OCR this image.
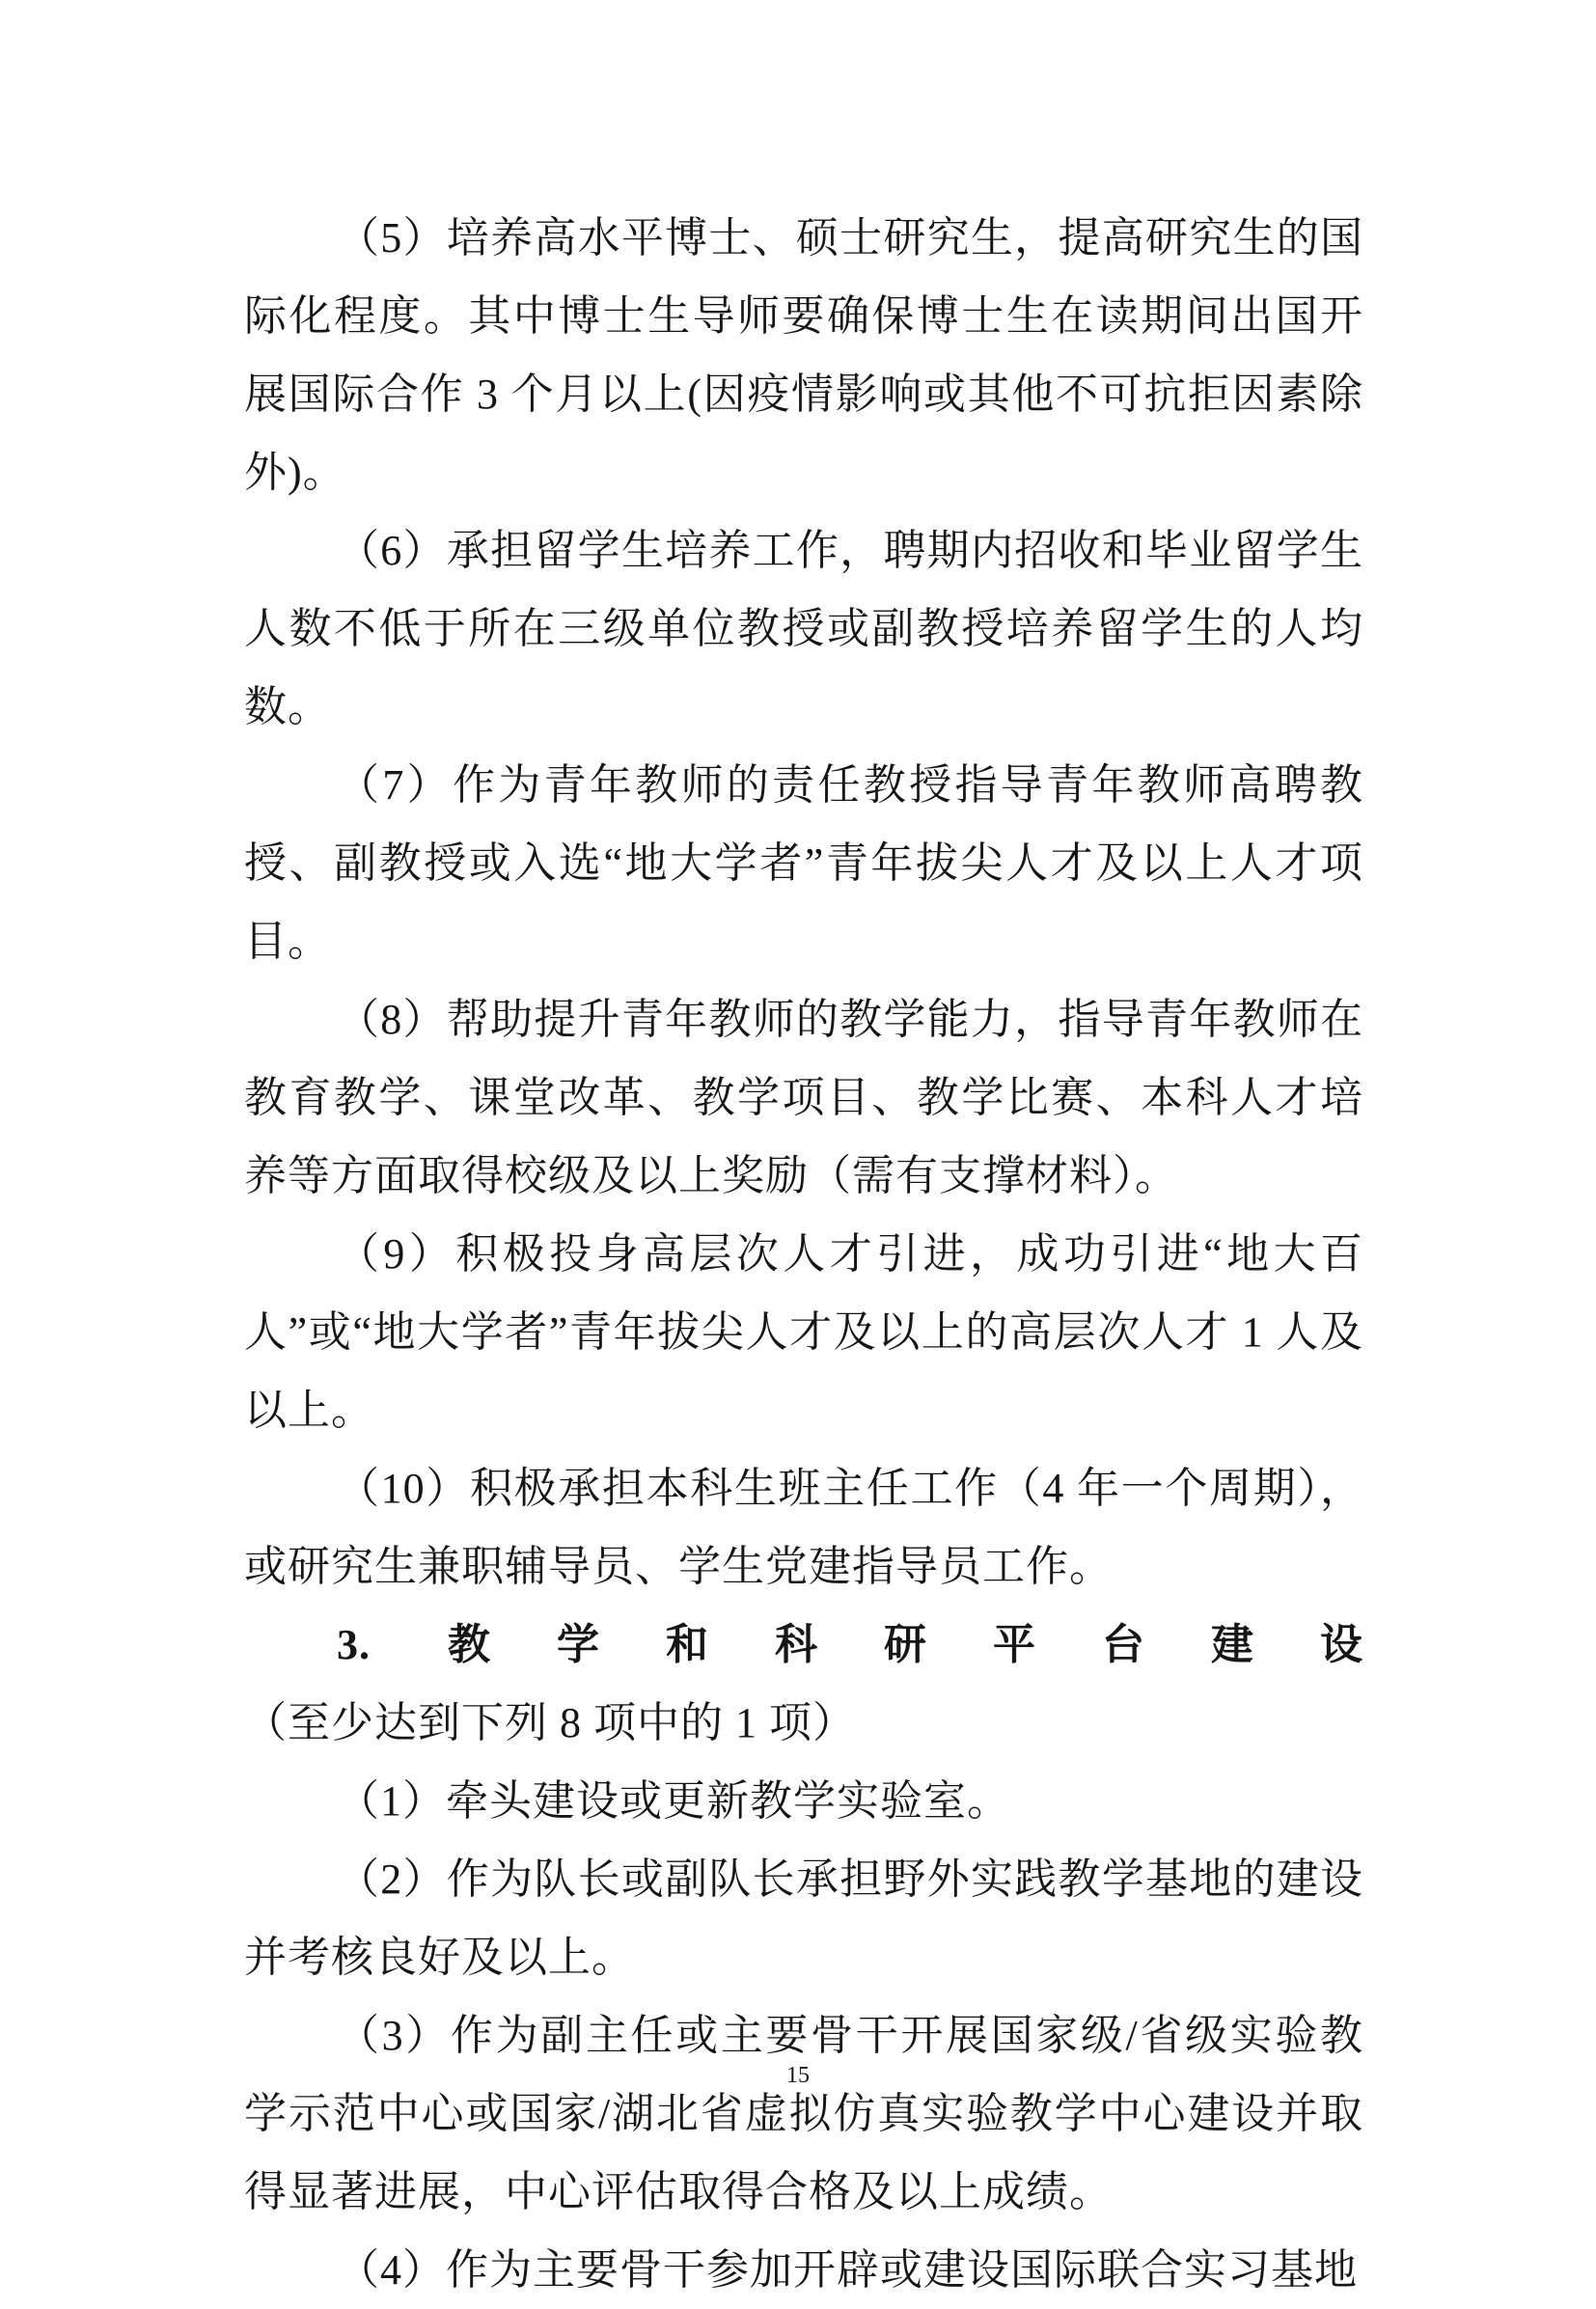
（5）培养高水平博士、硕士研究生，提高研究生的国际化程度。其中博士生导师要确保博士生在读期间出国开展国际合作 3 个月以上(因疫情影响或其他不可抗拒因素除外)。

（6）承担留学生培养工作，聘期内招收和毕业留学生人数不低于所在三级单位教授或副教授培养留学生的人均数。

（7）作为青年教师的责任教授指导青年教师高聘教授、副教授或入选“地大学者”青年拔尖人才及以上人才项目。

（8）帮助提升青年教师的教学能力，指导青年教师在教育教学、课堂改革、教学项目、教学比赛、本科人才培养等方面取得校级及以上奖励（需有支撑材料）。

（9）积极投身高层次人才引进，成功引进“地大百人”或“地大学者”青年拔尖人才及以上的高层次人才 1 人及以上。

（10）积极承担本科生班主任工作（4 年一个周期），或研究生兼职辅导员、学生党建指导员工作。

3. 教学和科研平台建设（至少达到下列 8 项中的 1 项）

（1）牵头建设或更新教学实验室。

（2）作为队长或副队长承担野外实践教学基地的建设并考核良好及以上。

（3）作为副主任或主要骨干开展国家级/省级实验教学示范中心或国家/湖北省虚拟仿真实验教学中心建设并取得显著进展，中心评估取得合格及以上成绩。

（4）作为主要骨干参加开辟或建设国际联合实习基地

15
